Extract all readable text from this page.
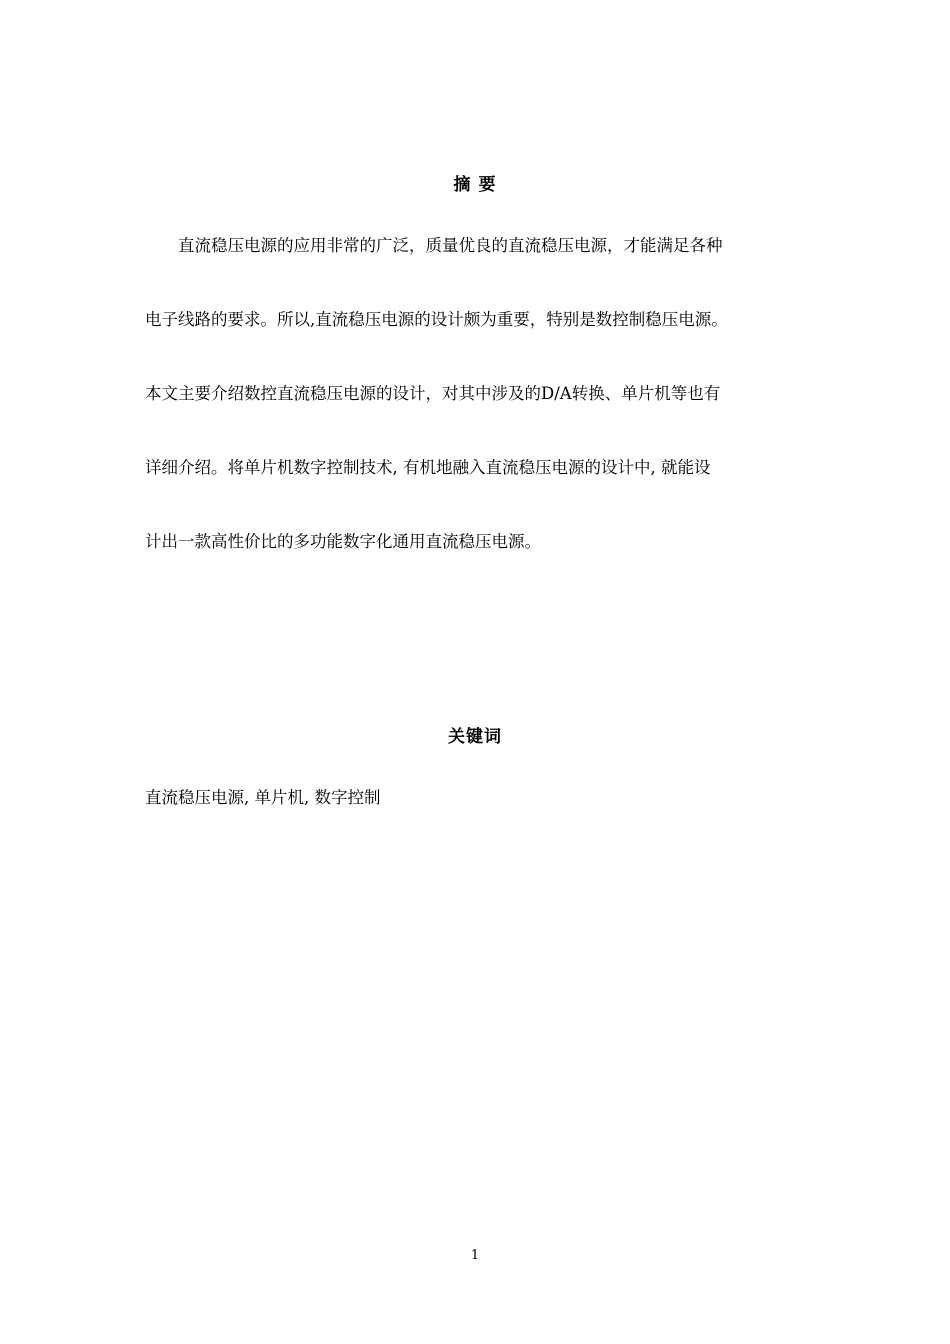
摘 要
　　直流稳压电源的应用非常的广泛，质量优良的直流稳压电源，才能满足各种
电子线路的要求。所以,直流稳压电源的设计颇为重要，特别是数控制稳压电源。
本文主要介绍数控直流稳压电源的设计，对其中涉及的D/A转换、单片机等也有
详细介绍。将单片机数字控制技术, 有机地融入直流稳压电源的设计中, 就能设
计出一款高性价比的多功能数字化通用直流稳压电源。
关键词
直流稳压电源, 单片机, 数字控制
1
